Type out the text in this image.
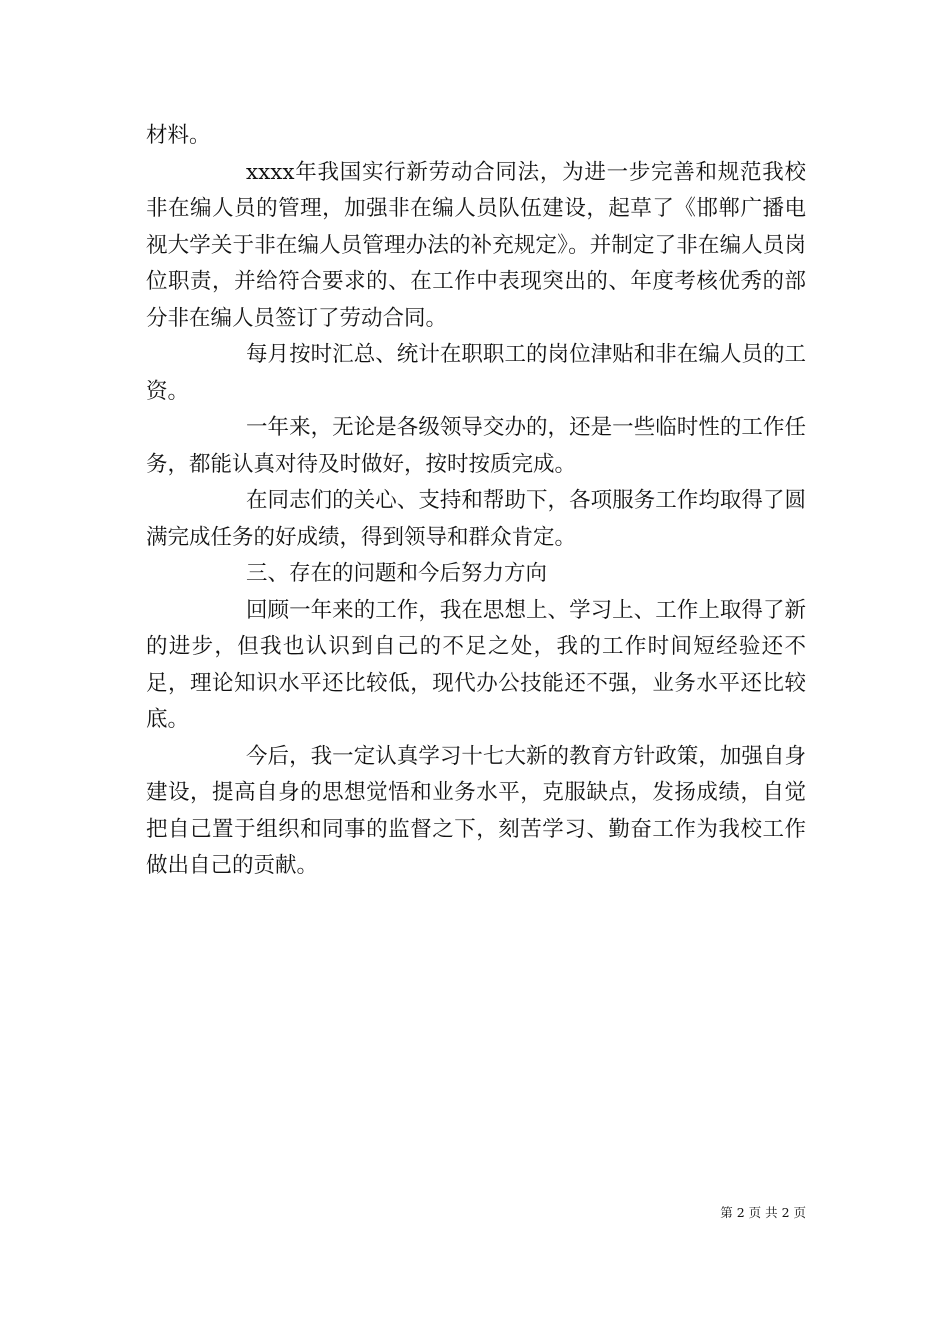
材料。

xxxx年我国实行新劳动合同法，为进一步完善和规范我校非在编人员的管理，加强非在编人员队伍建设，起草了《邯郸广播电视大学关于非在编人员管理办法的补充规定》。并制定了非在编人员岗位职责，并给符合要求的、在工作中表现突出的、年度考核优秀的部分非在编人员签订了劳动合同。

每月按时汇总、统计在职职工的岗位津贴和非在编人员的工资。

一年来，无论是各级领导交办的，还是一些临时性的工作任务，都能认真对待及时做好，按时按质完成。

在同志们的关心、支持和帮助下，各项服务工作均取得了圆满完成任务的好成绩，得到领导和群众肯定。

三、存在的问题和今后努力方向

回顾一年来的工作，我在思想上、学习上、工作上取得了新的进步，但我也认识到自己的不足之处，我的工作时间短经验还不足，理论知识水平还比较低，现代办公技能还不强，业务水平还比较底。

今后，我一定认真学习十七大新的教育方针政策，加强自身建设，提高自身的思想觉悟和业务水平，克服缺点，发扬成绩，自觉把自己置于组织和同事的监督之下，刻苦学习、勤奋工作为我校工作做出自己的贡献。

第 2 页 共 2 页
